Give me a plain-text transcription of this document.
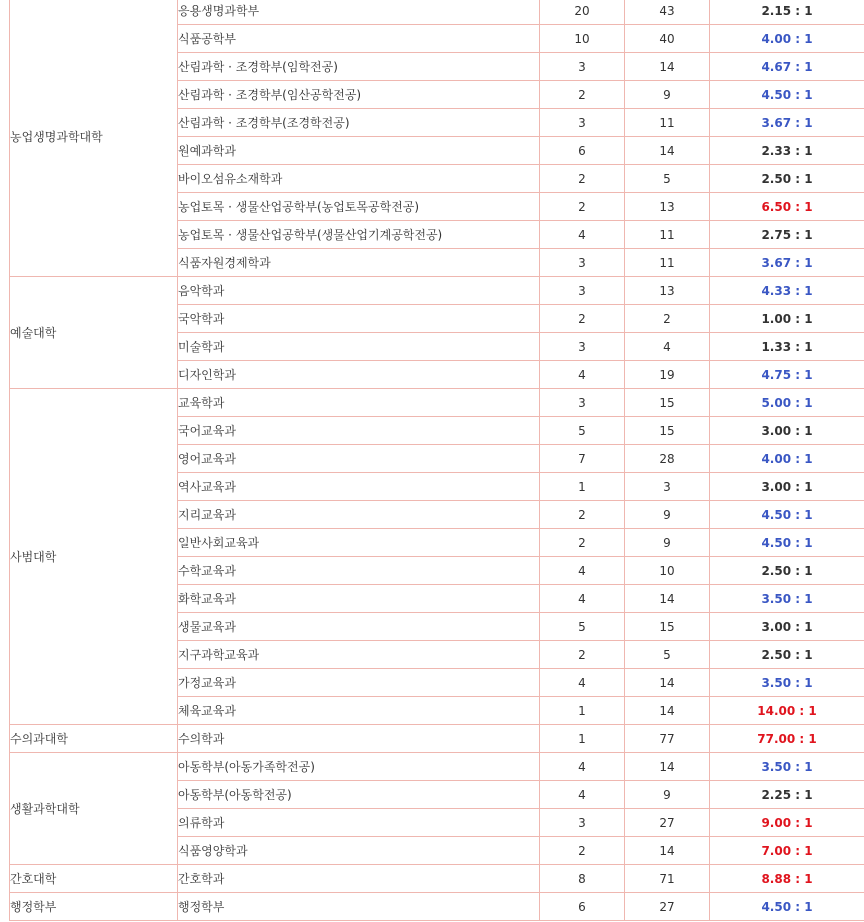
농업생명과학대학	응용생명과학부	20	43	2.15 : 1
	식품공학부	10	40	4.00 : 1
	산림과학 · 조경학부(임학전공)	3	14	4.67 : 1
	산림과학 · 조경학부(임산공학전공)	2	9	4.50 : 1
	산림과학 · 조경학부(조경학전공)	3	11	3.67 : 1
	원예과학과	6	14	2.33 : 1
	바이오섬유소재학과	2	5	2.50 : 1
	농업토목 · 생물산업공학부(농업토목공학전공)	2	13	6.50 : 1
	농업토목 · 생물산업공학부(생물산업기계공학전공)	4	11	2.75 : 1
	식품자원경제학과	3	11	3.67 : 1
예술대학	음악학과	3	13	4.33 : 1
	국악학과	2	2	1.00 : 1
	미술학과	3	4	1.33 : 1
	디자인학과	4	19	4.75 : 1
사범대학	교육학과	3	15	5.00 : 1
	국어교육과	5	15	3.00 : 1
	영어교육과	7	28	4.00 : 1
	역사교육과	1	3	3.00 : 1
	지리교육과	2	9	4.50 : 1
	일반사회교육과	2	9	4.50 : 1
	수학교육과	4	10	2.50 : 1
	화학교육과	4	14	3.50 : 1
	생물교육과	5	15	3.00 : 1
	지구과학교육과	2	5	2.50 : 1
	가정교육과	4	14	3.50 : 1
	체육교육과	1	14	14.00 : 1
수의과대학	수의학과	1	77	77.00 : 1
생활과학대학	아동학부(아동가족학전공)	4	14	3.50 : 1
	아동학부(아동학전공)	4	9	2.25 : 1
	의류학과	3	27	9.00 : 1
	식품영양학과	2	14	7.00 : 1
간호대학	간호학과	8	71	8.88 : 1
행정학부	행정학부	6	27	4.50 : 1
